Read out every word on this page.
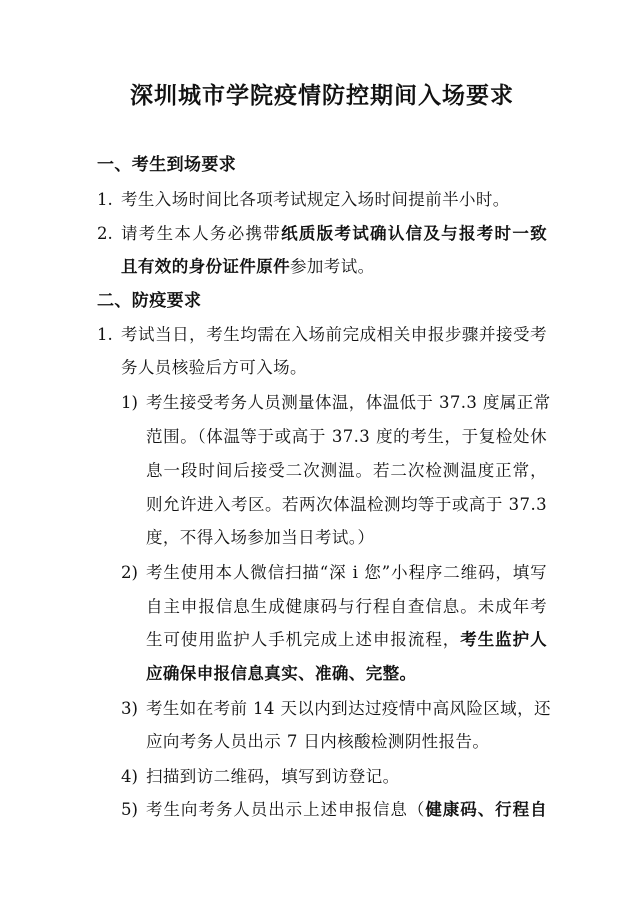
深圳城市学院疫情防控期间入场要求
一、考生到场要求
1. 考生入场时间比各项考试规定入场时间提前半小时。
2. 请考生本人务必携带纸质版考试确认信及与报考时一致
且有效的身份证件原件参加考试。
二、防疫要求
1. 考试当日，考生均需在入场前完成相关申报步骤并接受考
务人员核验后方可入场。
1) 考生接受考务人员测量体温，体温低于 37.3 度属正常
范围。（体温等于或高于 37.3 度的考生，于复检处休
息一段时间后接受二次测温。若二次检测温度正常，
则允许进入考区。若两次体温检测均等于或高于 37.3
度，不得入场参加当日考试。）
2) 考生使用本人微信扫描“深 i 您”小程序二维码，填写
自主申报信息生成健康码与行程自查信息。未成年考
生可使用监护人手机完成上述申报流程，考生监护人
应确保申报信息真实、准确、完整。
3) 考生如在考前 14 天以内到达过疫情中高风险区域，还
应向考务人员出示 7 日内核酸检测阴性报告。
4) 扫描到访二维码，填写到访登记。
5) 考生向考务人员出示上述申报信息（健康码、行程自
